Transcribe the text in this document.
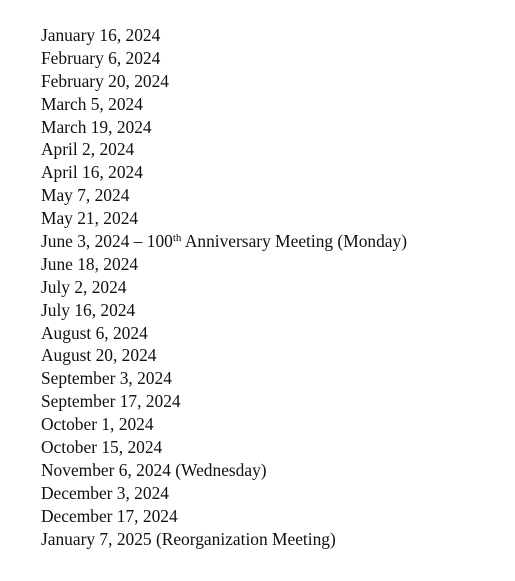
January 16, 2024
February 6, 2024
February 20, 2024
March 5, 2024
March 19, 2024
April 2, 2024
April 16, 2024
May 7, 2024
May 21, 2024
June 3, 2024 – 100th Anniversary Meeting (Monday)
June 18, 2024
July 2, 2024
July 16, 2024
August 6, 2024
August 20, 2024
September 3, 2024
September 17, 2024
October 1, 2024
October 15, 2024
November 6, 2024 (Wednesday)
December 3, 2024
December 17, 2024
January 7, 2025 (Reorganization Meeting)
